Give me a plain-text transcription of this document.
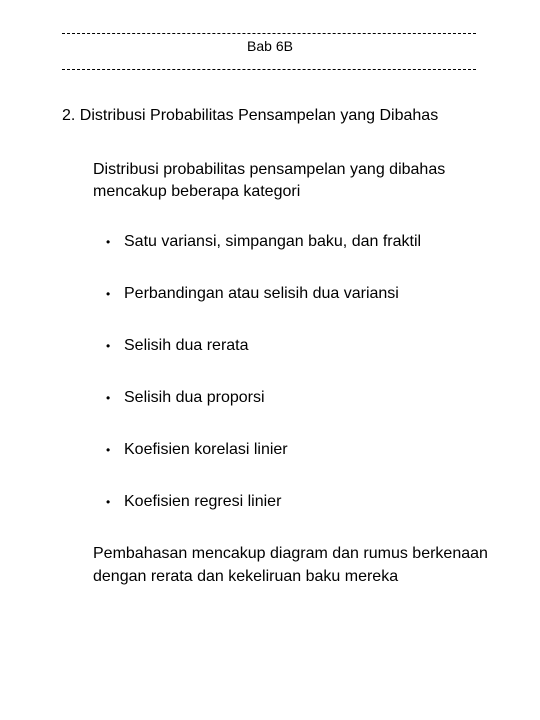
Bab 6B
2. Distribusi Probabilitas Pensampelan yang Dibahas
Distribusi probabilitas pensampelan yang dibahas mencakup beberapa kategori
• Satu variansi, simpangan baku, dan fraktil
• Perbandingan atau selisih dua variansi
• Selisih dua rerata
• Selisih dua proporsi
• Koefisien korelasi linier
• Koefisien regresi linier
Pembahasan mencakup diagram dan rumus berkenaan dengan rerata dan kekeliruan baku mereka
